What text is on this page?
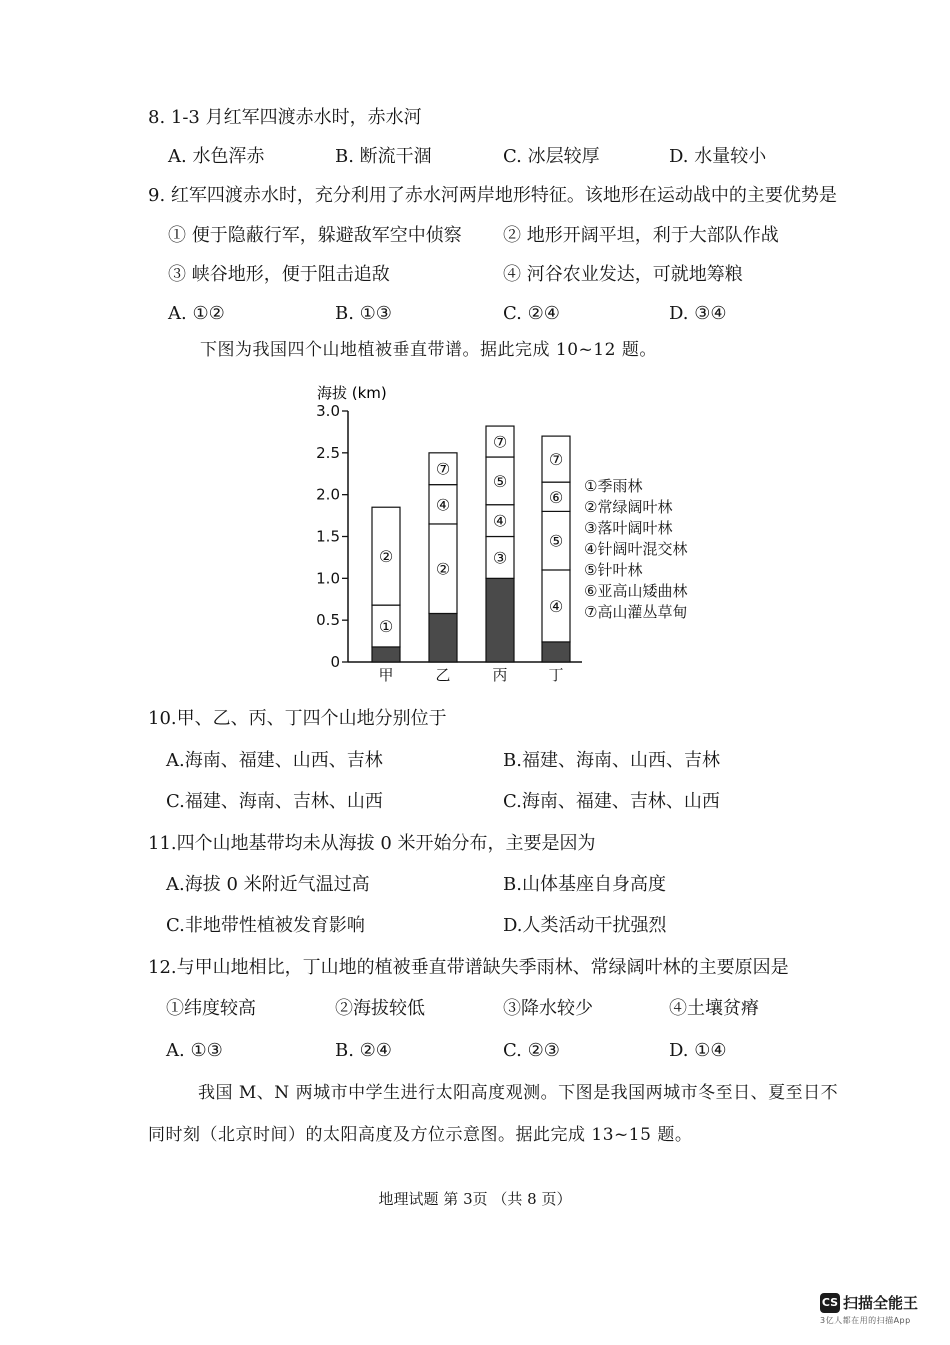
8. 1-3 月红军四渡赤水时，赤水河
A. 水色浑赤	B. 断流干涸	C. 冰层较厚	D. 水量较小
9. 红军四渡赤水时，充分利用了赤水河两岸地形特征。该地形在运动战中的主要优势是
① 便于隐蔽行军，躲避敌军空中侦察 ② 地形开阔平坦，利于大部队作战
③ 峡谷地形，便于阻击追敌	④ 河谷农业发达，可就地筹粮
A. ①②	B. ①③	C. ②④	D. ③④
下图为我国四个山地植被垂直带谱。据此完成 10~12 题。
海拔 (km)
0
0.5
1.0
1.5
2.0
2.5
3.0
①
②
②
④
⑦
③
④
⑤
⑦
④
⑤
⑥
⑦
甲	乙	丙	丁
①季雨林
②常绿阔叶林
③落叶阔叶林
④针阔叶混交林
⑤针叶林
⑥亚高山矮曲林
⑦高山灌丛草甸
10.甲、乙、丙、丁四个山地分别位于
A.海南、福建、山西、吉林	B.福建、海南、山西、吉林
C.福建、海南、吉林、山西	C.海南、福建、吉林、山西
11.四个山地基带均未从海拔 0 米开始分布，主要是因为
A.海拔 0 米附近气温过高	B.山体基座自身高度
C.非地带性植被发育影响	D.人类活动干扰强烈
12.与甲山地相比，丁山地的植被垂直带谱缺失季雨林、常绿阔叶林的主要原因是
①纬度较高	②海拔较低	③降水较少	④土壤贫瘠
A. ①③	B. ②④	C. ②③	D. ①④
我国 M、N 两城市中学生进行太阳高度观测。下图是我国两城市冬至日、夏至日不
同时刻（北京时间）的太阳高度及方位示意图。据此完成 13~15 题。
地理试题 第 3页 （共 8 页）
CS 扫描全能王
3亿人都在用的扫描App
